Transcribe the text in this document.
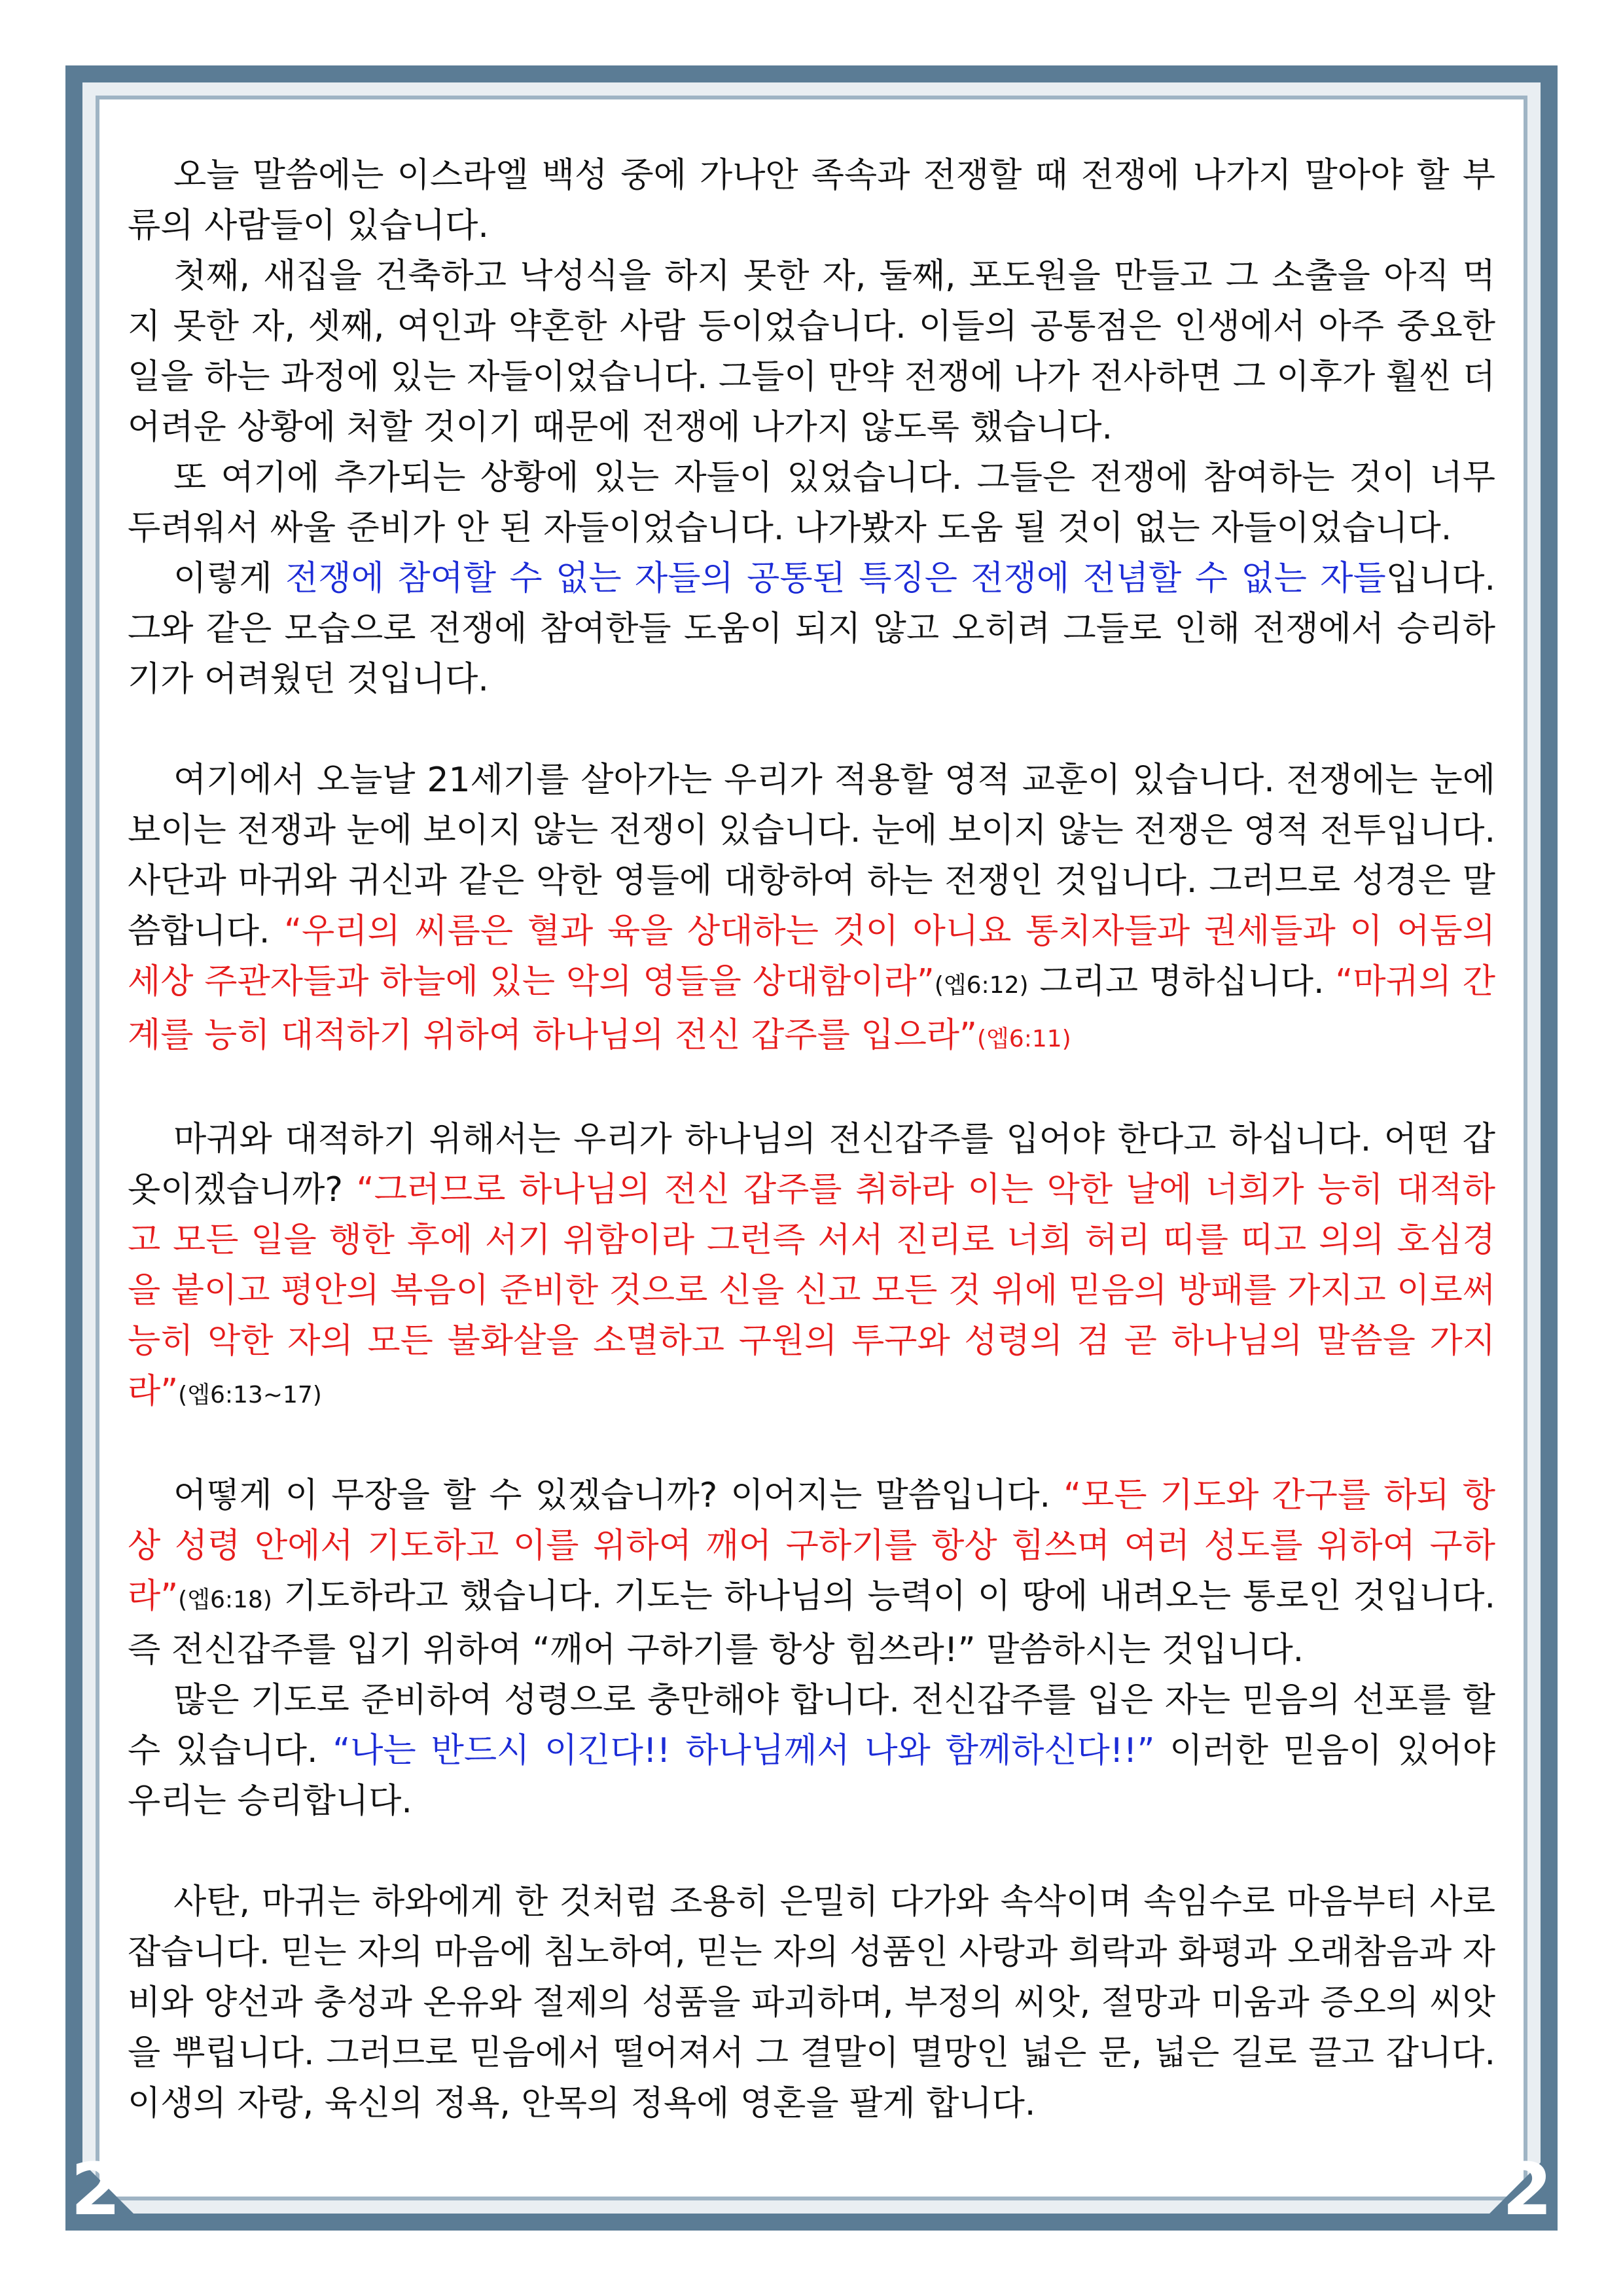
2	2

오늘 말씀에는 이스라엘 백성 중에 가나안 족속과 전쟁할 때 전쟁에 나가지 말아야 할 부류의 사람들이 있습니다.

첫째, 새집을 건축하고 낙성식을 하지 못한 자, 둘째, 포도원을 만들고 그 소출을 아직 먹지 못한 자, 셋째, 여인과 약혼한 사람 등이었습니다. 이들의 공통점은 인생에서 아주 중요한 일을 하는 과정에 있는 자들이었습니다. 그들이 만약 전쟁에 나가 전사하면 그 이후가 훨씬 더 어려운 상황에 처할 것이기 때문에 전쟁에 나가지 않도록 했습니다.

또 여기에 추가되는 상황에 있는 자들이 있었습니다. 그들은 전쟁에 참여하는 것이 너무 두려워서 싸울 준비가 안 된 자들이었습니다. 나가봤자 도움 될 것이 없는 자들이었습니다.

이렇게 전쟁에 참여할 수 없는 자들의 공통된 특징은 전쟁에 전념할 수 없는 자들입니다. 그와 같은 모습으로 전쟁에 참여한들 도움이 되지 않고 오히려 그들로 인해 전쟁에서 승리하기가 어려웠던 것입니다.

여기에서 오늘날 21세기를 살아가는 우리가 적용할 영적 교훈이 있습니다. 전쟁에는 눈에 보이는 전쟁과 눈에 보이지 않는 전쟁이 있습니다. 눈에 보이지 않는 전쟁은 영적 전투입니다. 사단과 마귀와 귀신과 같은 악한 영들에 대항하여 하는 전쟁인 것입니다. 그러므로 성경은 말씀합니다. “우리의 씨름은 혈과 육을 상대하는 것이 아니요 통치자들과 권세들과 이 어둠의 세상 주관자들과 하늘에 있는 악의 영들을 상대함이라”(엡6:12) 그리고 명하십니다. “마귀의 간계를 능히 대적하기 위하여 하나님의 전신 갑주를 입으라”(엡6:11)

마귀와 대적하기 위해서는 우리가 하나님의 전신갑주를 입어야 한다고 하십니다. 어떤 갑옷이겠습니까? “그러므로 하나님의 전신 갑주를 취하라 이는 악한 날에 너희가 능히 대적하고 모든 일을 행한 후에 서기 위함이라 그런즉 서서 진리로 너희 허리 띠를 띠고 의의 호심경을 붙이고 평안의 복음이 준비한 것으로 신을 신고 모든 것 위에 믿음의 방패를 가지고 이로써 능히 악한 자의 모든 불화살을 소멸하고 구원의 투구와 성령의 검 곧 하나님의 말씀을 가지라”(엡6:13~17)

어떻게 이 무장을 할 수 있겠습니까? 이어지는 말씀입니다. “모든 기도와 간구를 하되 항상 성령 안에서 기도하고 이를 위하여 깨어 구하기를 항상 힘쓰며 여러 성도를 위하여 구하라”(엡6:18) 기도하라고 했습니다. 기도는 하나님의 능력이 이 땅에 내려오는 통로인 것입니다. 즉 전신갑주를 입기 위하여 “깨어 구하기를 항상 힘쓰라!” 말씀하시는 것입니다.

많은 기도로 준비하여 성령으로 충만해야 합니다. 전신갑주를 입은 자는 믿음의 선포를 할 수 있습니다. “나는 반드시 이긴다!! 하나님께서 나와 함께하신다!!” 이러한 믿음이 있어야 우리는 승리합니다.

사탄, 마귀는 하와에게 한 것처럼 조용히 은밀히 다가와 속삭이며 속임수로 마음부터 사로잡습니다. 믿는 자의 마음에 침노하여, 믿는 자의 성품인 사랑과 희락과 화평과 오래참음과 자비와 양선과 충성과 온유와 절제의 성품을 파괴하며, 부정의 씨앗, 절망과 미움과 증오의 씨앗을 뿌립니다. 그러므로 믿음에서 떨어져서 그 결말이 멸망인 넓은 문, 넓은 길로 끌고 갑니다. 이생의 자랑, 육신의 정욕, 안목의 정욕에 영혼을 팔게 합니다.
